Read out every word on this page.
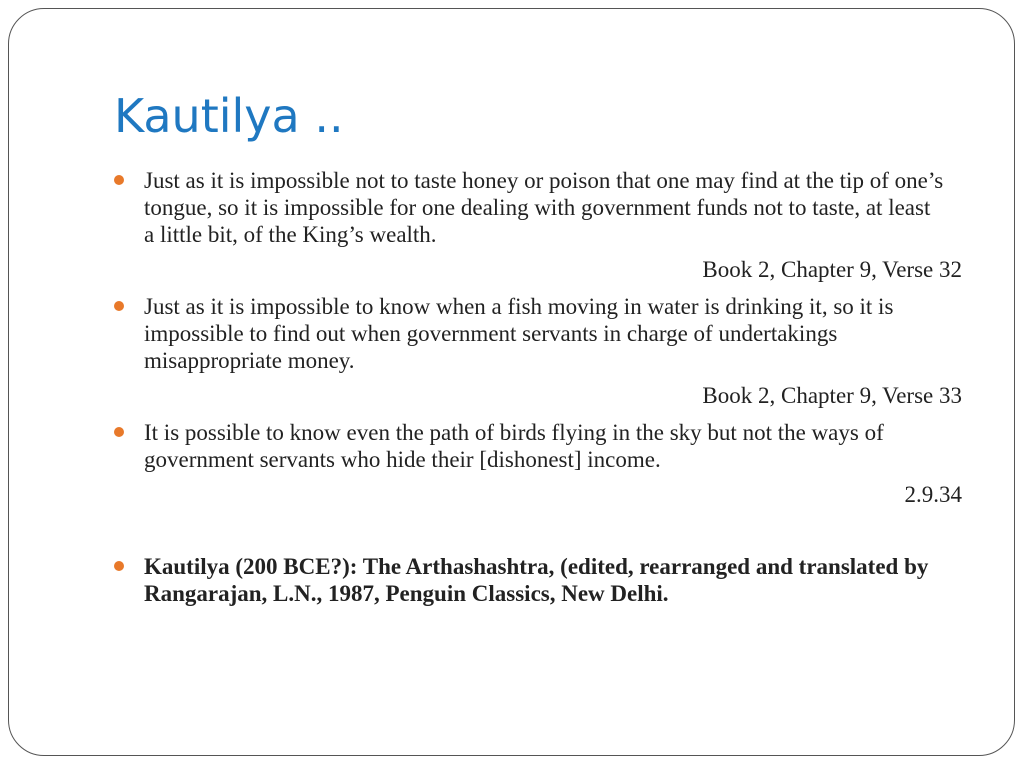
Kautilya ..
Just as it is impossible not to taste honey or poison that one may find at the tip of one’s tongue, so it is impossible for one dealing with government funds not to taste, at least a little bit, of the King’s wealth.
Book 2, Chapter 9, Verse 32
Just as it is impossible to know when a fish moving in water is drinking it, so it is impossible to find out when government servants in charge of undertakings misappropriate money.
Book 2, Chapter 9, Verse 33
It is possible to know even the path of birds flying in the sky but not the ways of government servants who hide their [dishonest] income.
2.9.34
Kautilya (200 BCE?): The Arthashashtra, (edited, rearranged and translated by Rangarajan, L.N., 1987, Penguin Classics, New Delhi.
